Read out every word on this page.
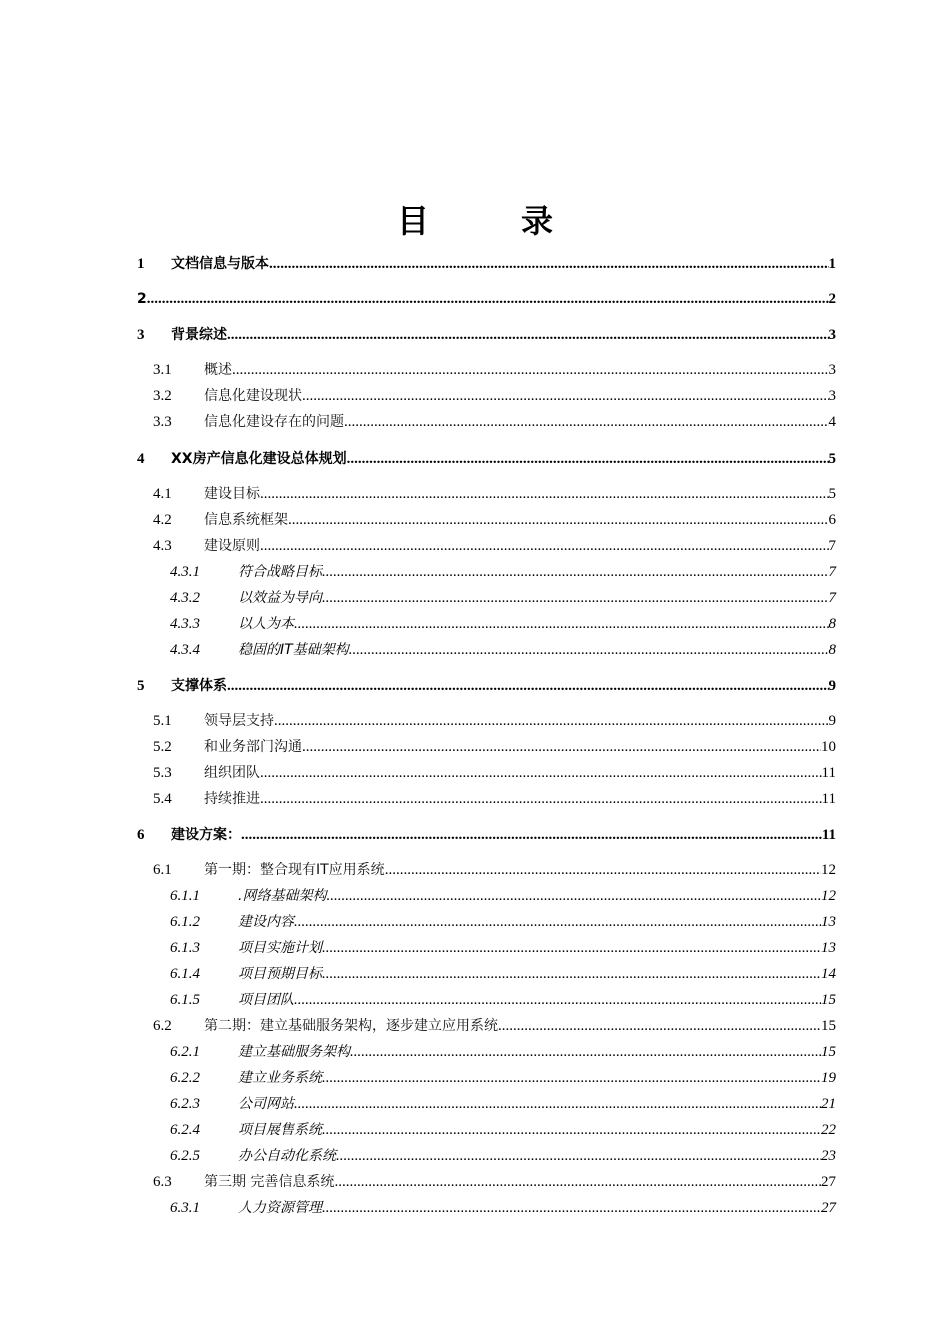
目　录
1	文档信息与版本 .....	1
2 .....	2
3	背景综述 .....	3
3.1	概述 .....	3
3.2	信息化建设现状 .....	3
3.3	信息化建设存在的问题 .....	4
4	XX房产信息化建设总体规划 .....	5
4.1	建设目标 .....	5
4.2	信息系统框架 .....	6
4.3	建设原则 .....	7
4.3.1	符合战略目标 .....	7
4.3.2	以效益为导向 .....	7
4.3.3	以人为本 .....	8
4.3.4	稳固的IT基础架构 .....	8
5	支撑体系 .....	9
5.1	领导层支持 .....	9
5.2	和业务部门沟通 .....	10
5.3	组织团队 .....	11
5.4	持续推进 .....	11
6	建设方案： .....	11
6.1	第一期：整合现有IT应用系统 .....	12
6.1.1	.网络基础架构 .....	12
6.1.2	建设内容 .....	13
6.1.3	项目实施计划 .....	13
6.1.4	项目预期目标 .....	14
6.1.5	项目团队 .....	15
6.2	第二期：建立基础服务架构，逐步建立应用系统 .....	15
6.2.1	建立基础服务架构 .....	15
6.2.2	建立业务系统 .....	19
6.2.3	公司网站 .....	21
6.2.4	项目展售系统 .....	22
6.2.5	办公自动化系统 .....	23
6.3	第三期 完善信息系统 .....	27
6.3.1	人力资源管理 .....	27
